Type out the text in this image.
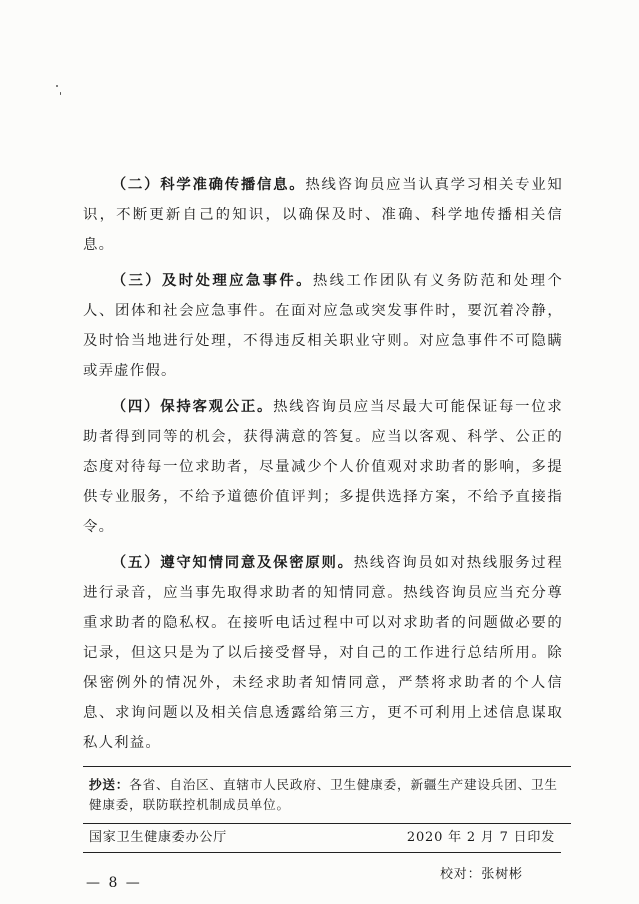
（二）科学准确传播信息。热线咨询员应当认真学习相关专业知识，不断更新自己的知识，以确保及时、准确、科学地传播相关信息。

（三）及时处理应急事件。热线工作团队有义务防范和处理个人、团体和社会应急事件。在面对应急或突发事件时，要沉着冷静，及时恰当地进行处理，不得违反相关职业守则。对应急事件不可隐瞒或弄虚作假。

（四）保持客观公正。热线咨询员应当尽最大可能保证每一位求助者得到同等的机会，获得满意的答复。应当以客观、科学、公正的态度对待每一位求助者，尽量减少个人价值观对求助者的影响，多提供专业服务，不给予道德价值评判；多提供选择方案，不给予直接指令。

（五）遵守知情同意及保密原则。热线咨询员如对热线服务过程进行录音，应当事先取得求助者的知情同意。热线咨询员应当充分尊重求助者的隐私权。在接听电话过程中可以对求助者的问题做必要的记录，但这只是为了以后接受督导，对自己的工作进行总结所用。除保密例外的情况外，未经求助者知情同意，严禁将求助者的个人信息、求询问题以及相关信息透露给第三方，更不可利用上述信息谋取私人利益。

抄送：各省、自治区、直辖市人民政府、卫生健康委，新疆生产建设兵团、卫生健康委，联防联控机制成员单位。
国家卫生健康委办公厅	2020 年 2 月 7 日印发
校对：张树彬
— 8 —
